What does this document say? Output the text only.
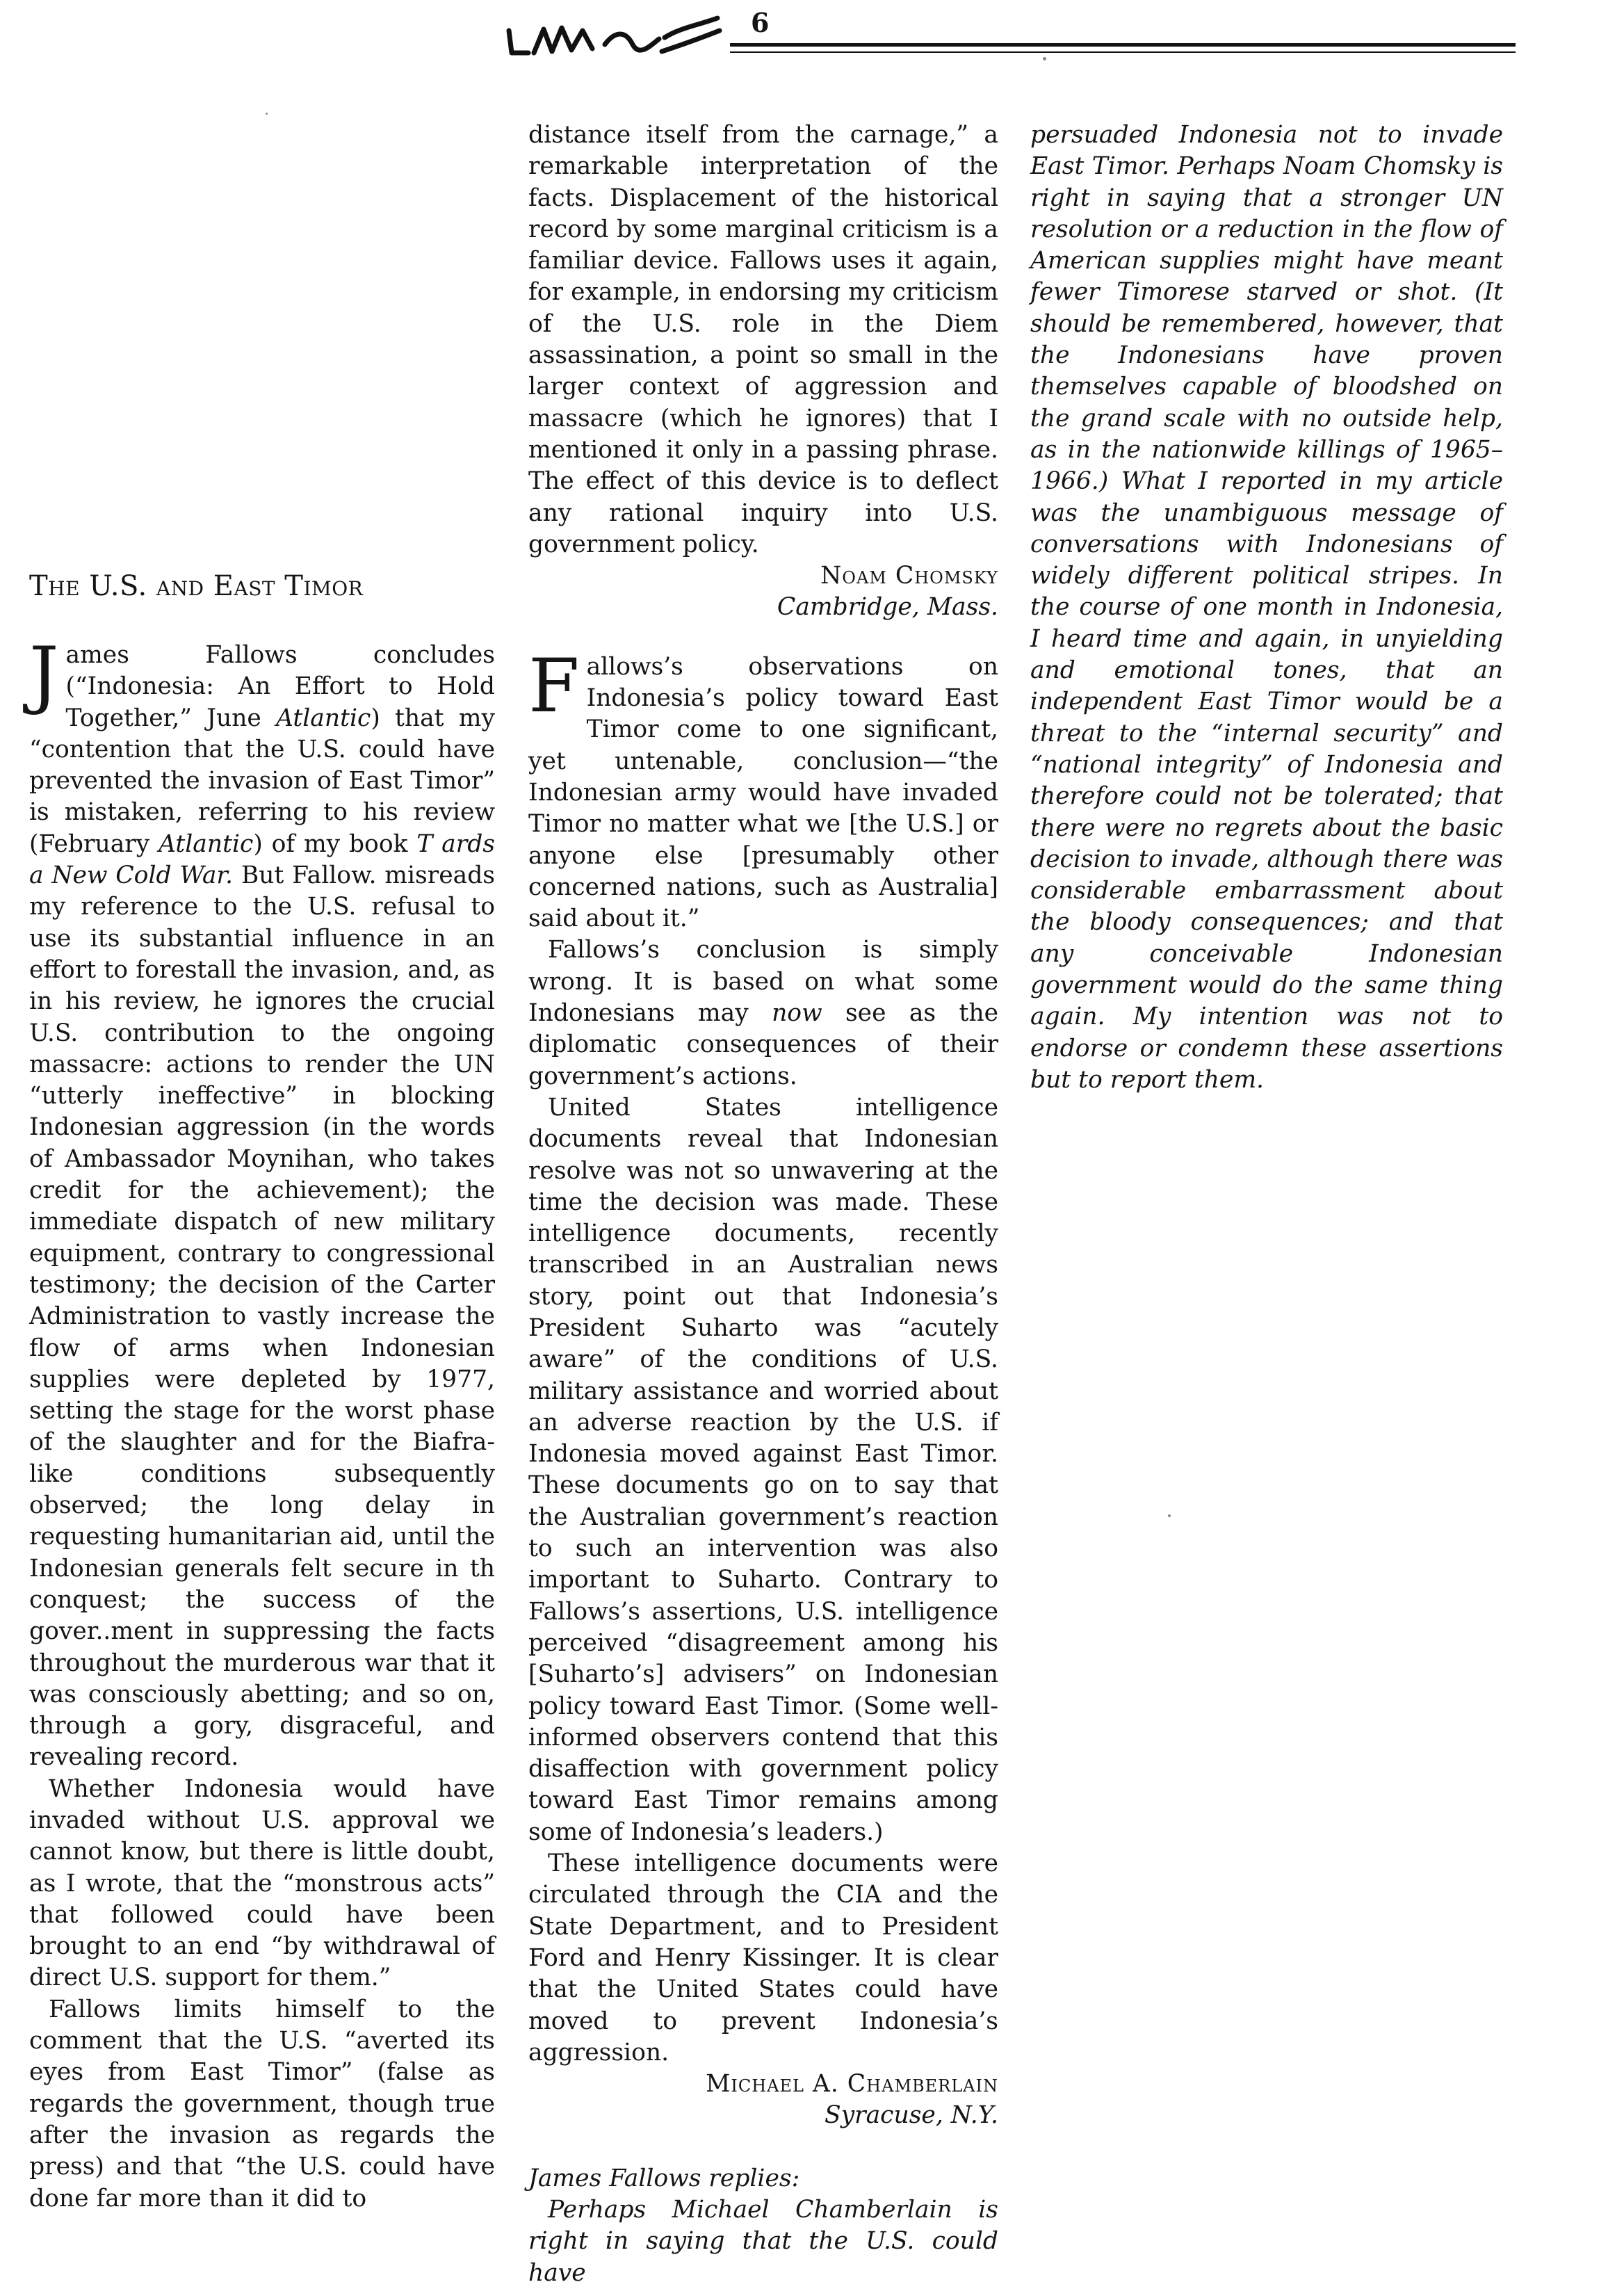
6
The U.S. and East Timor

James Fallows concludes (“Indonesia: An Effort to Hold Together,” June Atlantic) that my “contention that the U.S. could have prevented the invasion of East Timor” is mistaken, referring to his review (February Atlantic) of my book T ards a New Cold War. But Fallow. misreads my reference to the U.S. refusal to use its substantial influence in an effort to forestall the invasion, and, as in his review, he ignores the crucial U.S. contribution to the ongoing massacre: actions to render the UN “utterly ineffective” in blocking Indonesian aggression (in the words of Ambassador Moynihan, who takes credit for the achievement); the immediate dispatch of new military equipment, contrary to congressional testimony; the decision of the Carter Administration to vastly increase the flow of arms when Indonesian supplies were depleted by 1977, setting the stage for the worst phase of the slaughter and for the Biafra-like conditions subsequently observed; the long delay in requesting humanitarian aid, until the Indonesian generals felt secure in th conquest; the success of the gover..ment in suppressing the facts throughout the murderous war that it was consciously abetting; and so on, through a gory, disgraceful, and revealing record.

Whether Indonesia would have invaded without U.S. approval we cannot know, but there is little doubt, as I wrote, that the “monstrous acts” that followed could have been brought to an end “by withdrawal of direct U.S. support for them.”

Fallows limits himself to the comment that the U.S. “averted its eyes from East Timor” (false as regards the government, though true after the invasion as regards the press) and that “the U.S. could have done far more than it did to

distance itself from the carnage,” a remarkable interpretation of the facts. Displacement of the historical record by some marginal criticism is a familiar device. Fallows uses it again, for example, in endorsing my criticism of the U.S. role in the Diem assassination, a point so small in the larger context of aggression and massacre (which he ignores) that I mentioned it only in a passing phrase. The effect of this device is to deflect any rational inquiry into U.S. government policy.

Noam Chomsky

Cambridge, Mass.

Fallows’s observations on Indonesia’s policy toward East Timor come to one significant, yet untenable, conclusion—“the Indonesian army would have invaded Timor no matter what we [the U.S.] or anyone else [presumably other concerned nations, such as Australia] said about it.”

Fallows’s conclusion is simply wrong. It is based on what some Indonesians may now see as the diplomatic consequences of their government’s actions.

United States intelligence documents reveal that Indonesian resolve was not so unwavering at the time the decision was made. These intelligence documents, recently transcribed in an Australian news story, point out that Indonesia’s President Suharto was “acutely aware” of the conditions of U.S. military assistance and worried about an adverse reaction by the U.S. if Indonesia moved against East Timor. These documents go on to say that the Australian government’s reaction to such an intervention was also important to Suharto. Contrary to Fallows’s assertions, U.S. intelligence perceived “disagreement among his [Suharto’s] advisers” on Indonesian policy toward East Timor. (Some well-informed observers contend that this disaffection with government policy toward East Timor remains among some of Indonesia’s leaders.)

These intelligence documents were circulated through the CIA and the State Department, and to President Ford and Henry Kissinger. It is clear that the United States could have moved to prevent Indonesia’s aggression.

Michael A. Chamberlain

Syracuse, N.Y.

James Fallows replies:

Perhaps Michael Chamberlain is right in saying that the U.S. could have

persuaded Indonesia not to invade East Timor. Perhaps Noam Chomsky is right in saying that a stronger UN resolution or a reduction in the flow of American supplies might have meant fewer Timorese starved or shot. (It should be remembered, however, that the Indonesians have proven themselves capable of bloodshed on the grand scale with no outside help, as in the nationwide killings of 1965–1966.) What I reported in my article was the unambiguous message of conversations with Indonesians of widely different political stripes. In the course of one month in Indonesia, I heard time and again, in unyielding and emotional tones, that an independent East Timor would be a threat to the “internal security” and “national integrity” of Indonesia and therefore could not be tolerated; that there were no regrets about the basic decision to invade, although there was considerable embarrassment about the bloody consequences; and that any conceivable Indonesian government would do the same thing again. My intention was not to endorse or condemn these assertions but to report them.
